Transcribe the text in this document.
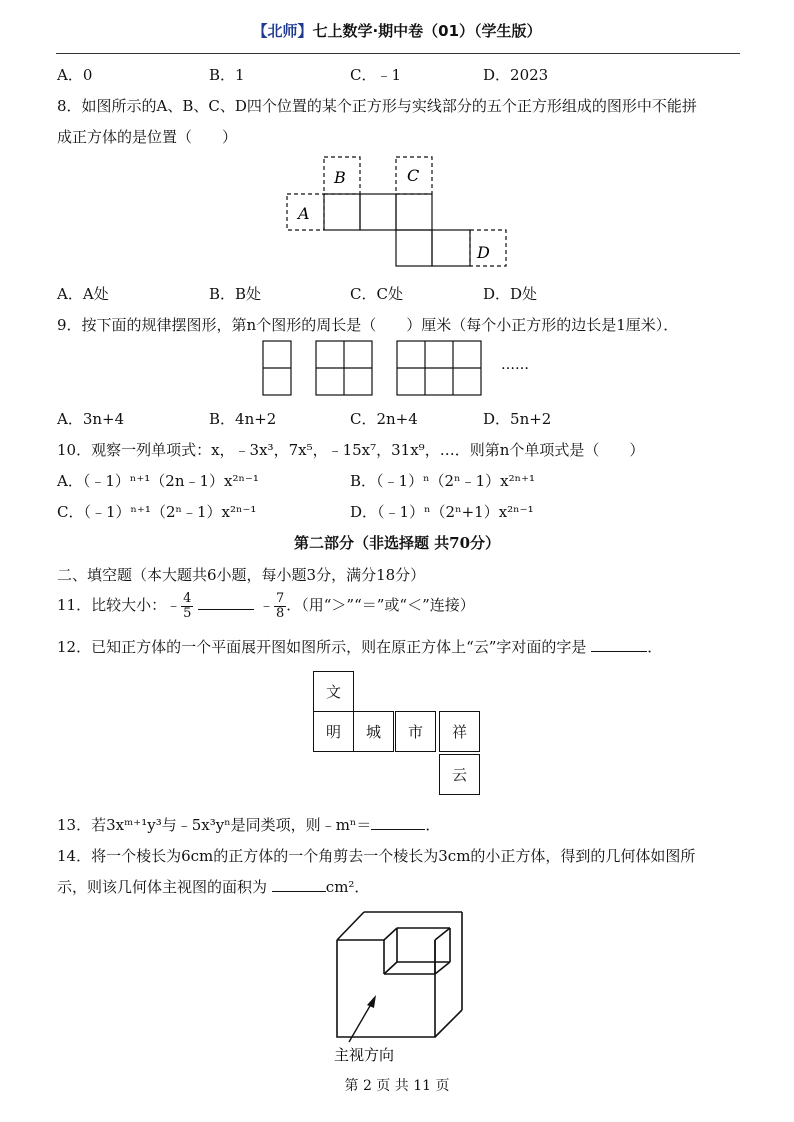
【北师】七上数学·期中卷（01）（学生版）
A．0	B．1	C．﹣1	D．2023
8．如图所示的A、B、C、D四个位置的某个正方形与实线部分的五个正方形组成的图形中不能拼
成正方体的是位置（　　）
A
B	C
D
A．A处	B．B处	C．C处	D．D处
9．按下面的规律摆图形，第n个图形的周长是（　　）厘米（每个小正方形的边长是1厘米）．
……
A．3n+4	B．4n+2	C．2n+4	D．5n+2
10．观察一列单项式：x，﹣3x³，7x⁵，﹣15x⁷，31x⁹，…．则第n个单项式是（　　）
A．（﹣1）ⁿ⁺¹（2n﹣1）x²ⁿ⁻¹	B．（﹣1）ⁿ（2ⁿ﹣1）x²ⁿ⁺¹
C．（﹣1）ⁿ⁺¹（2ⁿ﹣1）x²ⁿ⁻¹	D．（﹣1）ⁿ（2ⁿ+1）x²ⁿ⁻¹
第二部分（非选择题 共70分）
二、填空题（本大题共6小题，每小题3分，满分18分）
11．比较大小：﹣ $\frac{4}{5}$	﹣ $\frac{7}{8}$ ．（用“＞”“＝”或“＜”连接）
12．已知正方体的一个平面展开图如图所示，则在原正方体上“云”字对面的字是	．
文
明	城	市	祥
云
13．若3xᵐ⁺¹y³与﹣5x³yⁿ是同类项，则﹣mⁿ＝	．
14．将一个棱长为6cm的正方体的一个角剪去一个棱长为3cm的小正方体，得到的几何体如图所
示，则该几何体主视图的面积为	cm²．
主视方向
第 2 页 共 11 页
